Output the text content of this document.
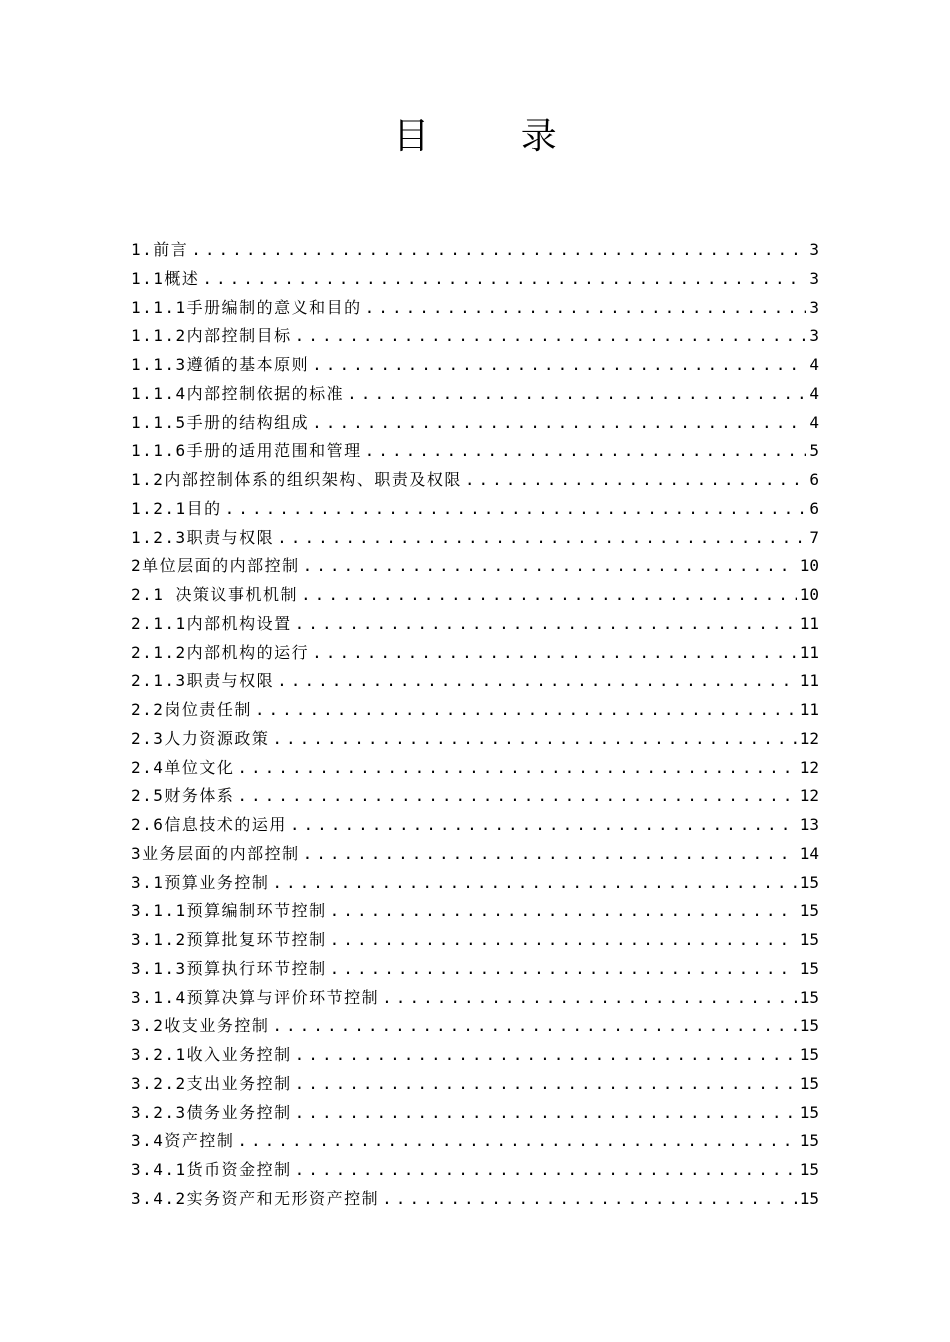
目 录
1.前言 .....	3
1.1概述 .....	3
1.1.1手册编制的意义和目的 .....	3
1.1.2内部控制目标 .....	3
1.1.3遵循的基本原则 .....	4
1.1.4内部控制依据的标准 .....	4
1.1.5手册的结构组成 .....	4
1.1.6手册的适用范围和管理 .....	5
1.2内部控制体系的组织架构、职责及权限 .....	6
1.2.1目的 .....	6
1.2.3职责与权限 .....	7
2单位层面的内部控制 .....	10
2.1 决策议事机机制 .....	10
2.1.1内部机构设置 .....	11
2.1.2内部机构的运行 .....	11
2.1.3职责与权限 .....	11
2.2岗位责任制 .....	11
2.3人力资源政策 .....	12
2.4单位文化 .....	12
2.5财务体系 .....	12
2.6信息技术的运用 .....	13
3业务层面的内部控制 .....	14
3.1预算业务控制 .....	15
3.1.1预算编制环节控制 .....	15
3.1.2预算批复环节控制 .....	15
3.1.3预算执行环节控制 .....	15
3.1.4预算决算与评价环节控制 .....	15
3.2收支业务控制 .....	15
3.2.1收入业务控制 .....	15
3.2.2支出业务控制 .....	15
3.2.3债务业务控制 .....	15
3.4资产控制 .....	15
3.4.1货币资金控制 .....	15
3.4.2实务资产和无形资产控制 .....	15
